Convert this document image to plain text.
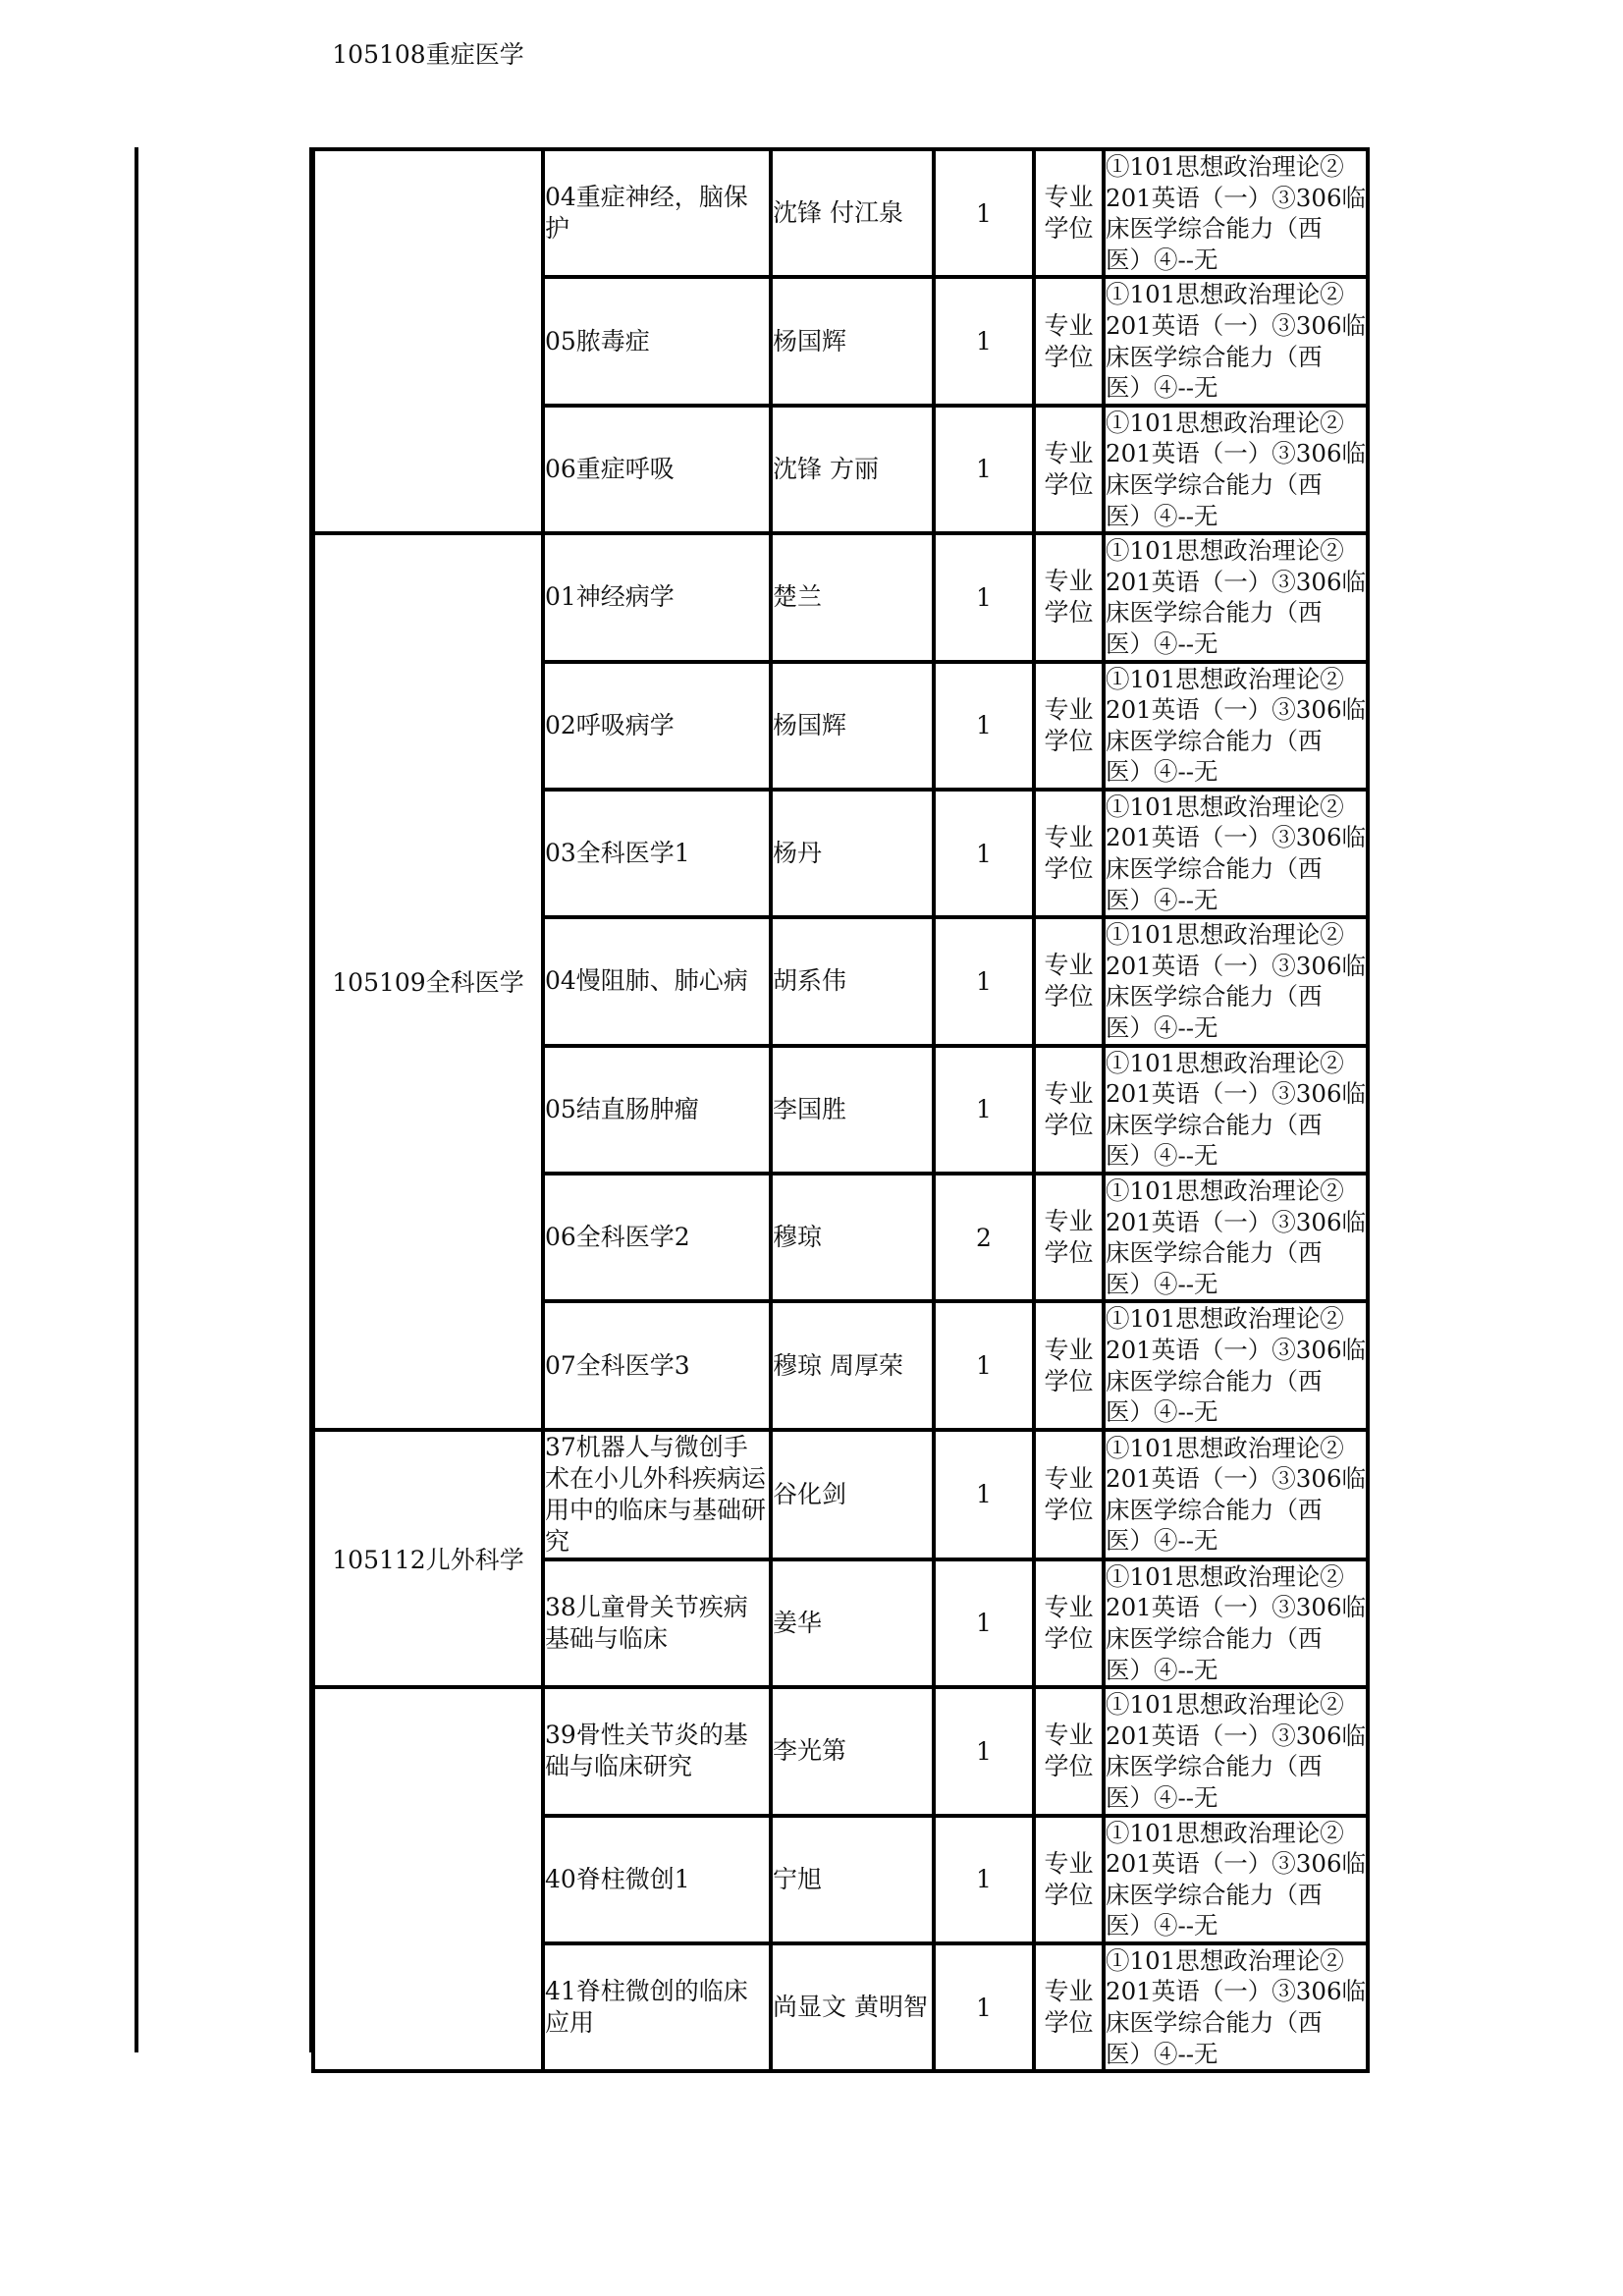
105108重症医学	04重症神经，脑保护	沈锋 付江泉	1	专业
学位	①101思想政治理论②
201英语（一）③306临
床医学综合能力（西
医）④--无

	05脓毒症	杨国辉	1	专业
学位	①101思想政治理论②
201英语（一）③306临
床医学综合能力（西
医）④--无

	06重症呼吸	沈锋 方丽	1	专业
学位	①101思想政治理论②
201英语（一）③306临
床医学综合能力（西
医）④--无

105109全科医学	01神经病学	楚兰	1	专业
学位	①101思想政治理论②
201英语（一）③306临
床医学综合能力（西
医）④--无

	02呼吸病学	杨国辉	1	专业
学位	①101思想政治理论②
201英语（一）③306临
床医学综合能力（西
医）④--无

	03全科医学1	杨丹	1	专业
学位	①101思想政治理论②
201英语（一）③306临
床医学综合能力（西
医）④--无

	04慢阻肺、肺心病	胡系伟	1	专业
学位	①101思想政治理论②
201英语（一）③306临
床医学综合能力（西
医）④--无

	05结直肠肿瘤	李国胜	1	专业
学位	①101思想政治理论②
201英语（一）③306临
床医学综合能力（西
医）④--无

	06全科医学2	穆琼	2	专业
学位	①101思想政治理论②
201英语（一）③306临
床医学综合能力（西
医）④--无

	07全科医学3	穆琼 周厚荣	1	专业
学位	①101思想政治理论②
201英语（一）③306临
床医学综合能力（西
医）④--无

105112儿外科学	37机器人与微创手术在小儿外科疾病运用中的临床与基础研究	谷化剑	1	专业
学位	①101思想政治理论②
201英语（一）③306临
床医学综合能力（西
医）④--无

	38儿童骨关节疾病基础与临床	姜华	1	专业
学位	①101思想政治理论②
201英语（一）③306临
床医学综合能力（西
医）④--无

	39骨性关节炎的基础与临床研究	李光第	1	专业
学位	①101思想政治理论②
201英语（一）③306临
床医学综合能力（西
医）④--无

	40脊柱微创1	宁旭	1	专业
学位	①101思想政治理论②
201英语（一）③306临
床医学综合能力（西
医）④--无

	41脊柱微创的临床应用	尚显文 黄明智	1	专业
学位	①101思想政治理论②
201英语（一）③306临
床医学综合能力（西
医）④--无
